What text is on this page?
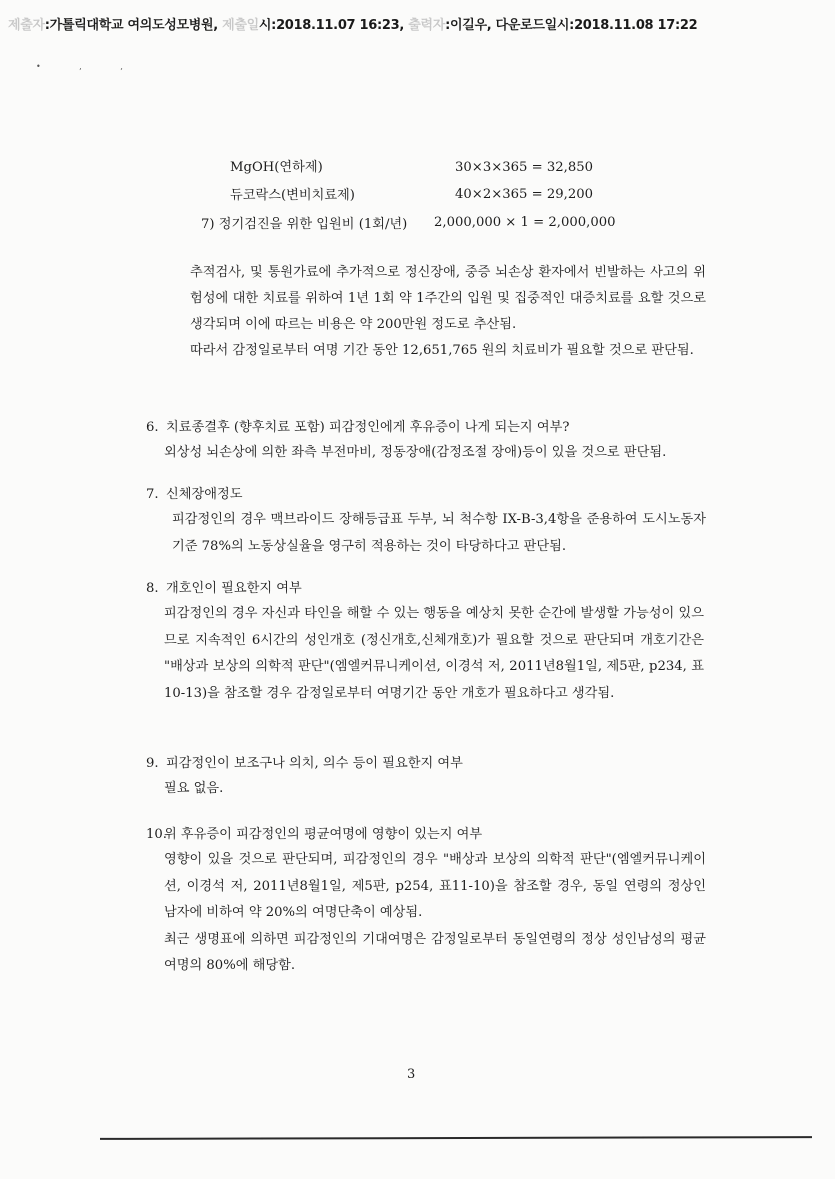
제출자:가톨릭대학교 여의도성모병원, 제출일시:2018.11.07 16:23, 출력자:이길우, 다운로드일시:2018.11.08 17:22
• , ,
MgOH(연하제)	30×3×365 = 32,850
듀코락스(변비치료제)	40×2×365 = 29,200
7) 정기검진을 위한 입원비 (1회/년) 2,000,000 × 1 = 2,000,000

추적검사, 및 통원가료에 추가적으로 정신장애, 중증 뇌손상 환자에서 빈발하는 사고의 위험성에 대한 치료를 위하여 1년 1회 약 1주간의 입원 및 집중적인 대증치료를 요할 것으로 생각되며 이에 따르는 비용은 약 200만원 정도로 추산됨.

따라서 감정일로부터 여명 기간 동안 12,651,765 원의 치료비가 필요할 것으로 판단됨.

6. 치료종결후 (향후치료 포함) 피감정인에게 후유증이 나게 되는지 여부?

외상성 뇌손상에 의한 좌측 부전마비, 정동장애(감정조절 장애)등이 있을 것으로 판단됨.

7. 신체장애정도

피감정인의 경우 맥브라이드 장해등급표 두부, 뇌 척수항 IX-B-3,4항을 준용하여 도시노동자 기준 78%의 노동상실율을 영구히 적용하는 것이 타당하다고 판단됨.

8. 개호인이 필요한지 여부

피감정인의 경우 자신과 타인을 해할 수 있는 행동을 예상치 못한 순간에 발생할 가능성이 있으므로 지속적인 6시간의 성인개호 (정신개호,신체개호)가 필요할 것으로 판단되며 개호기간은 "배상과 보상의 의학적 판단"(엠엘커뮤니케이션, 이경석 저, 2011년8월1일, 제5판, p234, 표10-13)을 참조할 경우 감정일로부터 여명기간 동안 개호가 필요하다고 생각됨.

9. 피감정인이 보조구나 의치, 의수 등이 필요한지 여부

필요 없음.

10.위 후유증이 피감정인의 평균여명에 영향이 있는지 여부

영향이 있을 것으로 판단되며, 피감정인의 경우 "배상과 보상의 의학적 판단"(엠엘커뮤니케이션, 이경석 저, 2011년8월1일, 제5판, p254, 표11-10)을 참조할 경우, 동일 연령의 정상인 남자에 비하여 약 20%의 여명단축이 예상됨.

최근 생명표에 의하면 피감정인의 기대여명은 감정일로부터 동일연령의 정상 성인남성의 평균여명의 80%에 해당함.

3
